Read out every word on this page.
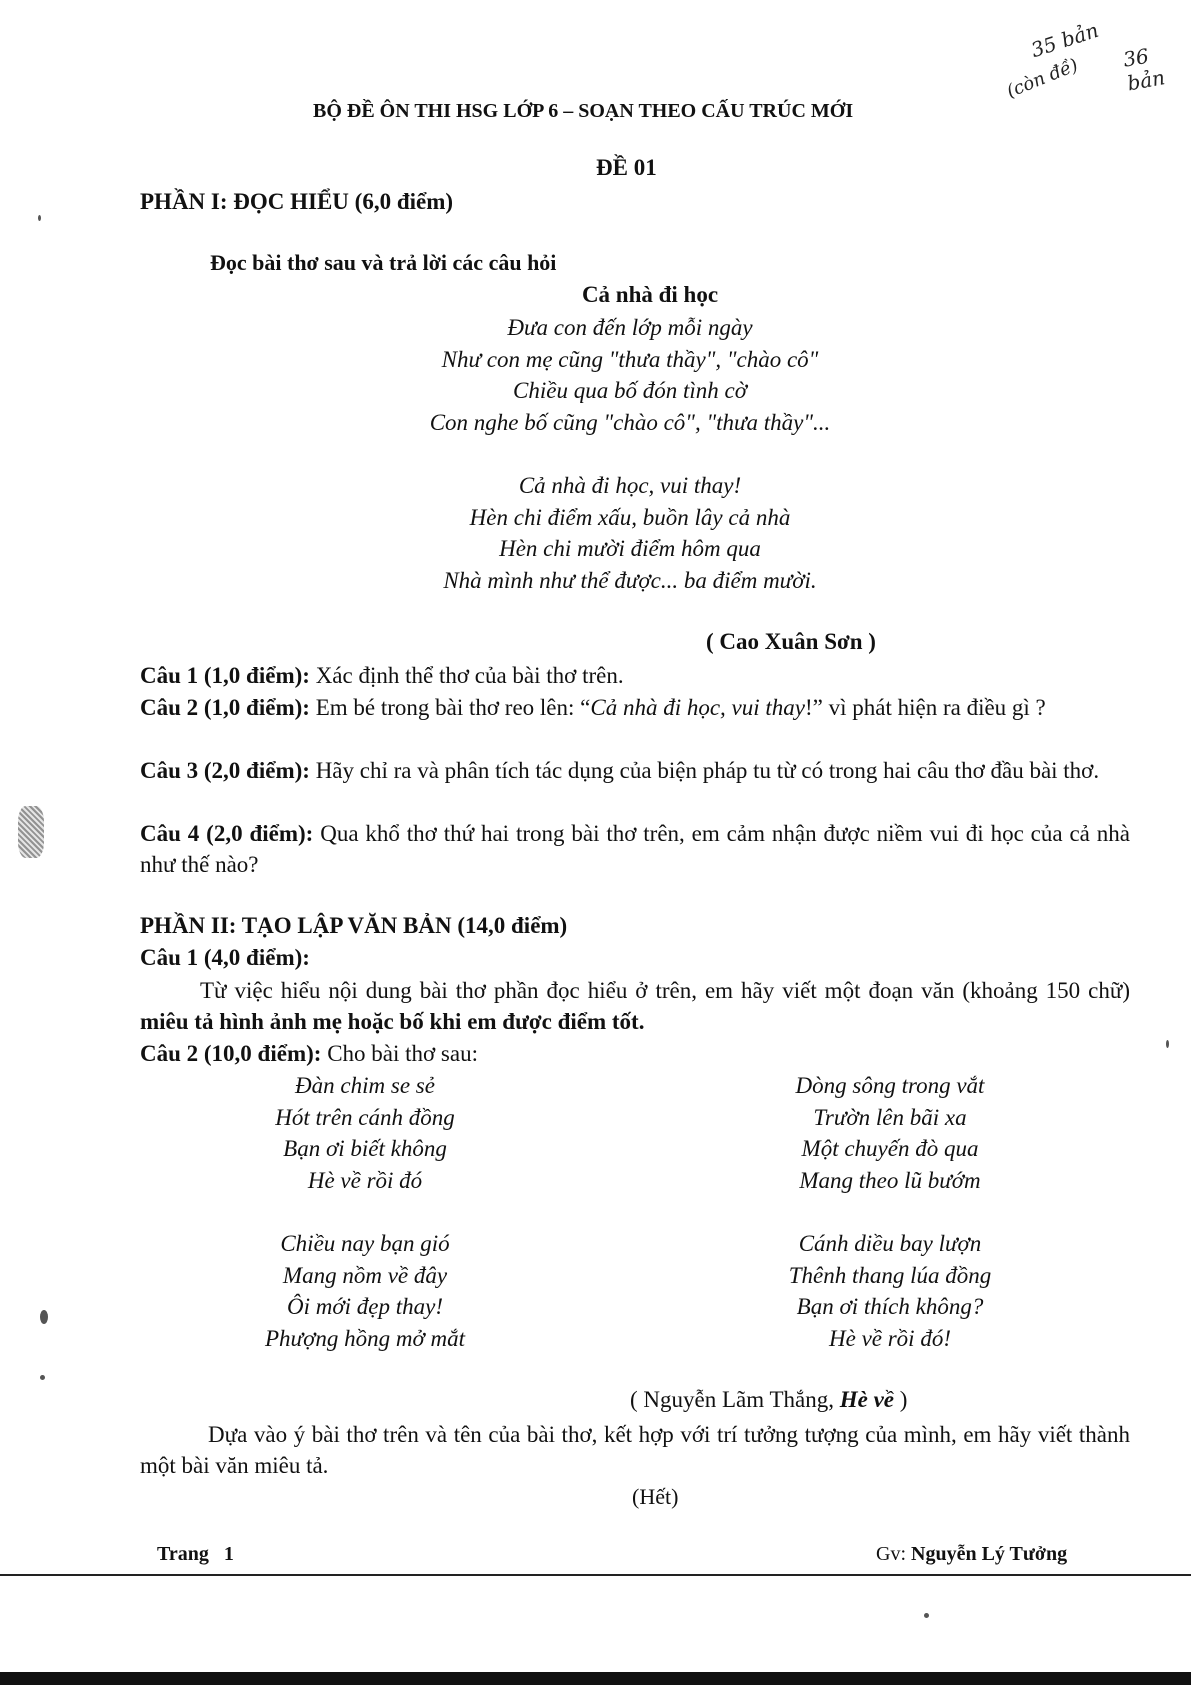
35 bản
(còn đề) 36 bản
BỘ ĐỀ ÔN THI HSG LỚP 6 – SOẠN THEO CẤU TRÚC MỚI
ĐỀ 01
PHẦN I: ĐỌC HIỂU (6,0 điểm)
Đọc bài thơ sau và trả lời các câu hỏi
Cả nhà đi học
Đưa con đến lớp mỗi ngày
Như con mẹ cũng "thưa thầy", "chào cô"
Chiều qua bố đón tình cờ
Con nghe bố cũng "chào cô", "thưa thầy"...
Cả nhà đi học, vui thay!
Hèn chi điểm xấu, buồn lây cả nhà
Hèn chi mười điểm hôm qua
Nhà mình như thể được... ba điểm mười.
( Cao Xuân Sơn )
Câu 1 (1,0 điểm): Xác định thể thơ của bài thơ trên.
Câu 2 (1,0 điểm): Em bé trong bài thơ reo lên: “Cả nhà đi học, vui thay!” vì phát hiện ra điều gì ?
Câu 3 (2,0 điểm): Hãy chỉ ra và phân tích tác dụng của biện pháp tu từ có trong hai câu thơ đầu bài thơ.
Câu 4 (2,0 điểm): Qua khổ thơ thứ hai trong bài thơ trên, em cảm nhận được niềm vui đi học của cả nhà như thế nào?
PHẦN II: TẠO LẬP VĂN BẢN (14,0 điểm)
Câu 1 (4,0 điểm):
Từ việc hiểu nội dung bài thơ phần đọc hiểu ở trên, em hãy viết một đoạn văn (khoảng 150 chữ) miêu tả hình ảnh mẹ hoặc bố khi em được điểm tốt.
Câu 2 (10,0 điểm): Cho bài thơ sau:
Đàn chim se sẻ
Hót trên cánh đồng
Bạn ơi biết không
Hè về rồi đó
Chiều nay bạn gió
Mang nồm về đây
Ôi mới đẹp thay!
Phượng hồng mở mắt
Dòng sông trong vắt
Trườn lên bãi xa
Một chuyến đò qua
Mang theo lũ bướm
Cánh diều bay lượn
Thênh thang lúa đồng
Bạn ơi thích không?
Hè về rồi đó!
( Nguyễn Lãm Thắng, Hè về )
Dựa vào ý bài thơ trên và tên của bài thơ, kết hợp với trí tưởng tượng của mình, em hãy viết thành một bài văn miêu tả.
(Hết)
Trang 1	Gv: Nguyễn Lý Tưởng
